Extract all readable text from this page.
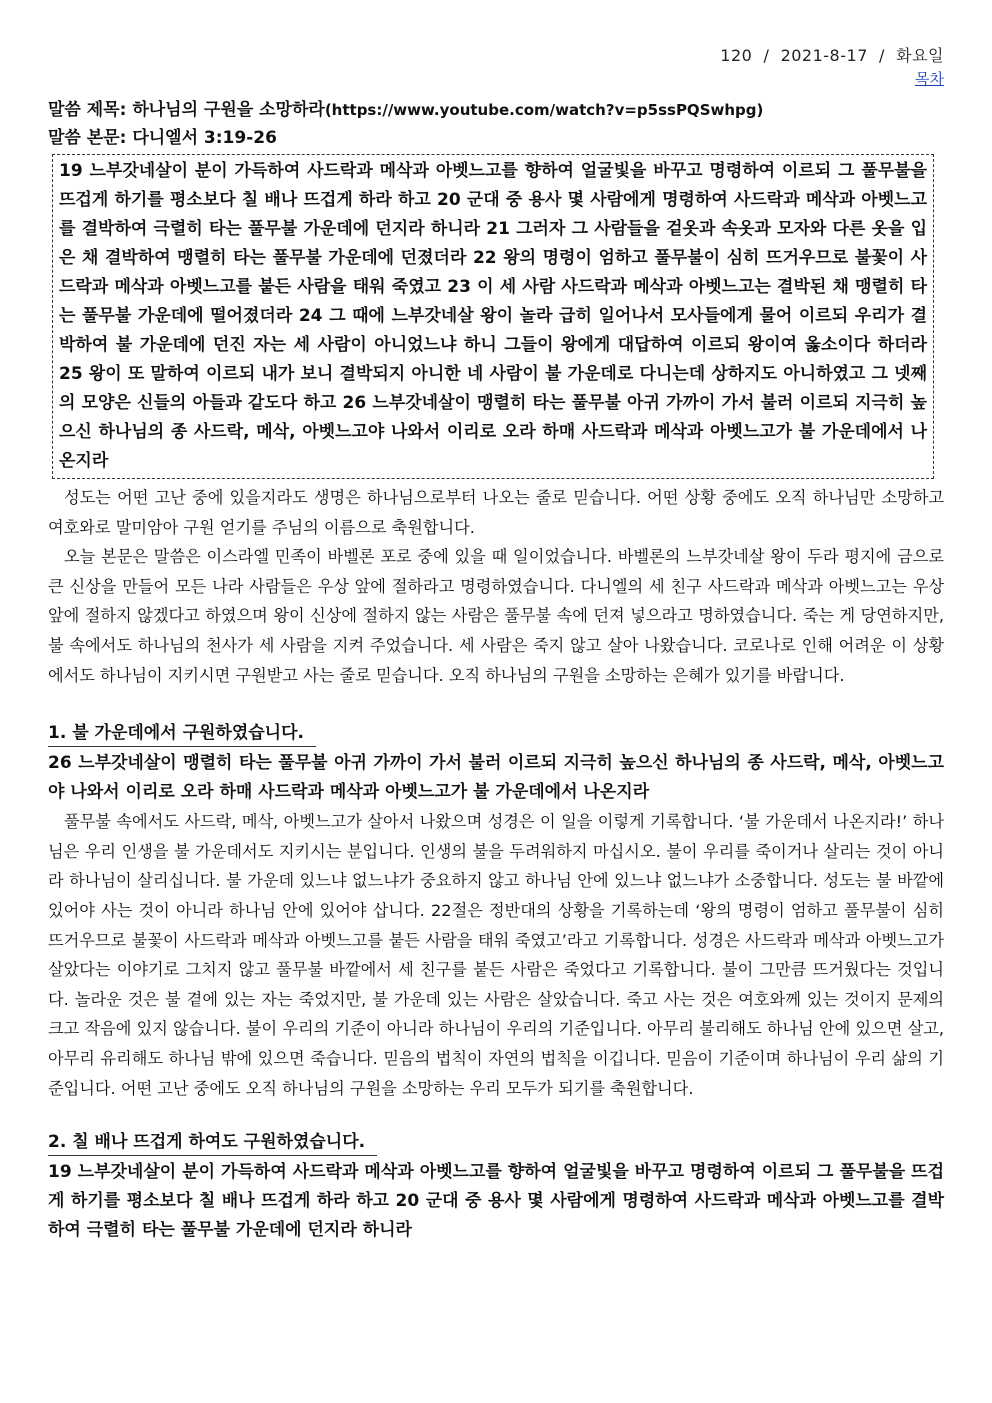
120  /  2021-8-17  /  화요일
목차
말씀 제목: 하나님의 구원을 소망하라(https://www.youtube.com/watch?v=p5ssPQSwhpg)
말씀 본문: 다니엘서 3:19-26
19 느부갓네살이 분이 가득하여 사드락과 메삭과 아벳느고를 향하여 얼굴빛을 바꾸고 명령하여 이르되 그 풀무불을 뜨겁게 하기를 평소보다 칠 배나 뜨겁게 하라 하고 20 군대 중 용사 몇 사람에게 명령하여 사드락과 메삭과 아벳느고를 결박하여 극렬히 타는 풀무불 가운데에 던지라 하니라 21 그러자 그 사람들을 겉옷과 속옷과 모자와 다른 옷을 입은 채 결박하여 맹렬히 타는 풀무불 가운데에 던졌더라 22 왕의 명령이 엄하고 풀무불이 심히 뜨거우므로 불꽃이 사드락과 메삭과 아벳느고를 붙든 사람을 태워 죽였고 23 이 세 사람 사드락과 메삭과 아벳느고는 결박된 채 맹렬히 타는 풀무불 가운데에 떨어졌더라 24 그 때에 느부갓네살 왕이 놀라 급히 일어나서 모사들에게 물어 이르되 우리가 결박하여 불 가운데에 던진 자는 세 사람이 아니었느냐 하니 그들이 왕에게 대답하여 이르되 왕이여 옳소이다 하더라 25 왕이 또 말하여 이르되 내가 보니 결박되지 아니한 네 사람이 불 가운데로 다니는데 상하지도 아니하였고 그 넷째의 모양은 신들의 아들과 같도다 하고 26 느부갓네살이 맹렬히 타는 풀무불 아귀 가까이 가서 불러 이르되 지극히 높으신 하나님의 종 사드락, 메삭, 아벳느고야 나와서 이리로 오라 하매 사드락과 메삭과 아벳느고가 불 가운데에서 나온지라

성도는 어떤 고난 중에 있을지라도 생명은 하나님으로부터 나오는 줄로 믿습니다. 어떤 상황 중에도 오직 하나님만 소망하고 여호와로 말미암아 구원 얻기를 주님의 이름으로 축원합니다.

오늘 본문은 말씀은 이스라엘 민족이 바벨론 포로 중에 있을 때 일이었습니다. 바벨론의 느부갓네살 왕이 두라 평지에 금으로 큰 신상을 만들어 모든 나라 사람들은 우상 앞에 절하라고 명령하였습니다. 다니엘의 세 친구 사드락과 메삭과 아벳느고는 우상 앞에 절하지 않겠다고 하였으며 왕이 신상에 절하지 않는 사람은 풀무불 속에 던져 넣으라고 명하였습니다. 죽는 게 당연하지만, 불 속에서도 하나님의 천사가 세 사람을 지켜 주었습니다. 세 사람은 죽지 않고 살아 나왔습니다. 코로나로 인해 어려운 이 상황에서도 하나님이 지키시면 구원받고 사는 줄로 믿습니다. 오직 하나님의 구원을 소망하는 은혜가 있기를 바랍니다.

1. 불 가운데에서 구원하였습니다.

26 느부갓네살이 맹렬히 타는 풀무불 아귀 가까이 가서 불러 이르되 지극히 높으신 하나님의 종 사드락, 메삭, 아벳느고야 나와서 이리로 오라 하매 사드락과 메삭과 아벳느고가 불 가운데에서 나온지라

풀무불 속에서도 사드락, 메삭, 아벳느고가 살아서 나왔으며 성경은 이 일을 이렇게 기록합니다. ‘불 가운데서 나온지라!’ 하나님은 우리 인생을 불 가운데서도 지키시는 분입니다. 인생의 불을 두려워하지 마십시오. 불이 우리를 죽이거나 살리는 것이 아니라 하나님이 살리십니다. 불 가운데 있느냐 없느냐가 중요하지 않고 하나님 안에 있느냐 없느냐가 소중합니다. 성도는 불 바깥에 있어야 사는 것이 아니라 하나님 안에 있어야 삽니다. 22절은 정반대의 상황을 기록하는데 ‘왕의 명령이 엄하고 풀무불이 심히 뜨거우므로 불꽃이 사드락과 메삭과 아벳느고를 붙든 사람을 태워 죽였고’라고 기록합니다. 성경은 사드락과 메삭과 아벳느고가 살았다는 이야기로 그치지 않고 풀무불 바깥에서 세 친구를 붙든 사람은 죽었다고 기록합니다. 불이 그만큼 뜨거웠다는 것입니다. 놀라운 것은 불 곁에 있는 자는 죽었지만, 불 가운데 있는 사람은 살았습니다. 죽고 사는 것은 여호와께 있는 것이지 문제의 크고 작음에 있지 않습니다. 불이 우리의 기준이 아니라 하나님이 우리의 기준입니다. 아무리 불리해도 하나님 안에 있으면 살고, 아무리 유리해도 하나님 밖에 있으면 죽습니다. 믿음의 법칙이 자연의 법칙을 이깁니다. 믿음이 기준이며 하나님이 우리 삶의 기준입니다. 어떤 고난 중에도 오직 하나님의 구원을 소망하는 우리 모두가 되기를 축원합니다.

2. 칠 배나 뜨겁게 하여도 구원하였습니다.

19 느부갓네살이 분이 가득하여 사드락과 메삭과 아벳느고를 향하여 얼굴빛을 바꾸고 명령하여 이르되 그 풀무불을 뜨겁게 하기를 평소보다 칠 배나 뜨겁게 하라 하고 20 군대 중 용사 몇 사람에게 명령하여 사드락과 메삭과 아벳느고를 결박하여 극렬히 타는 풀무불 가운데에 던지라 하니라
